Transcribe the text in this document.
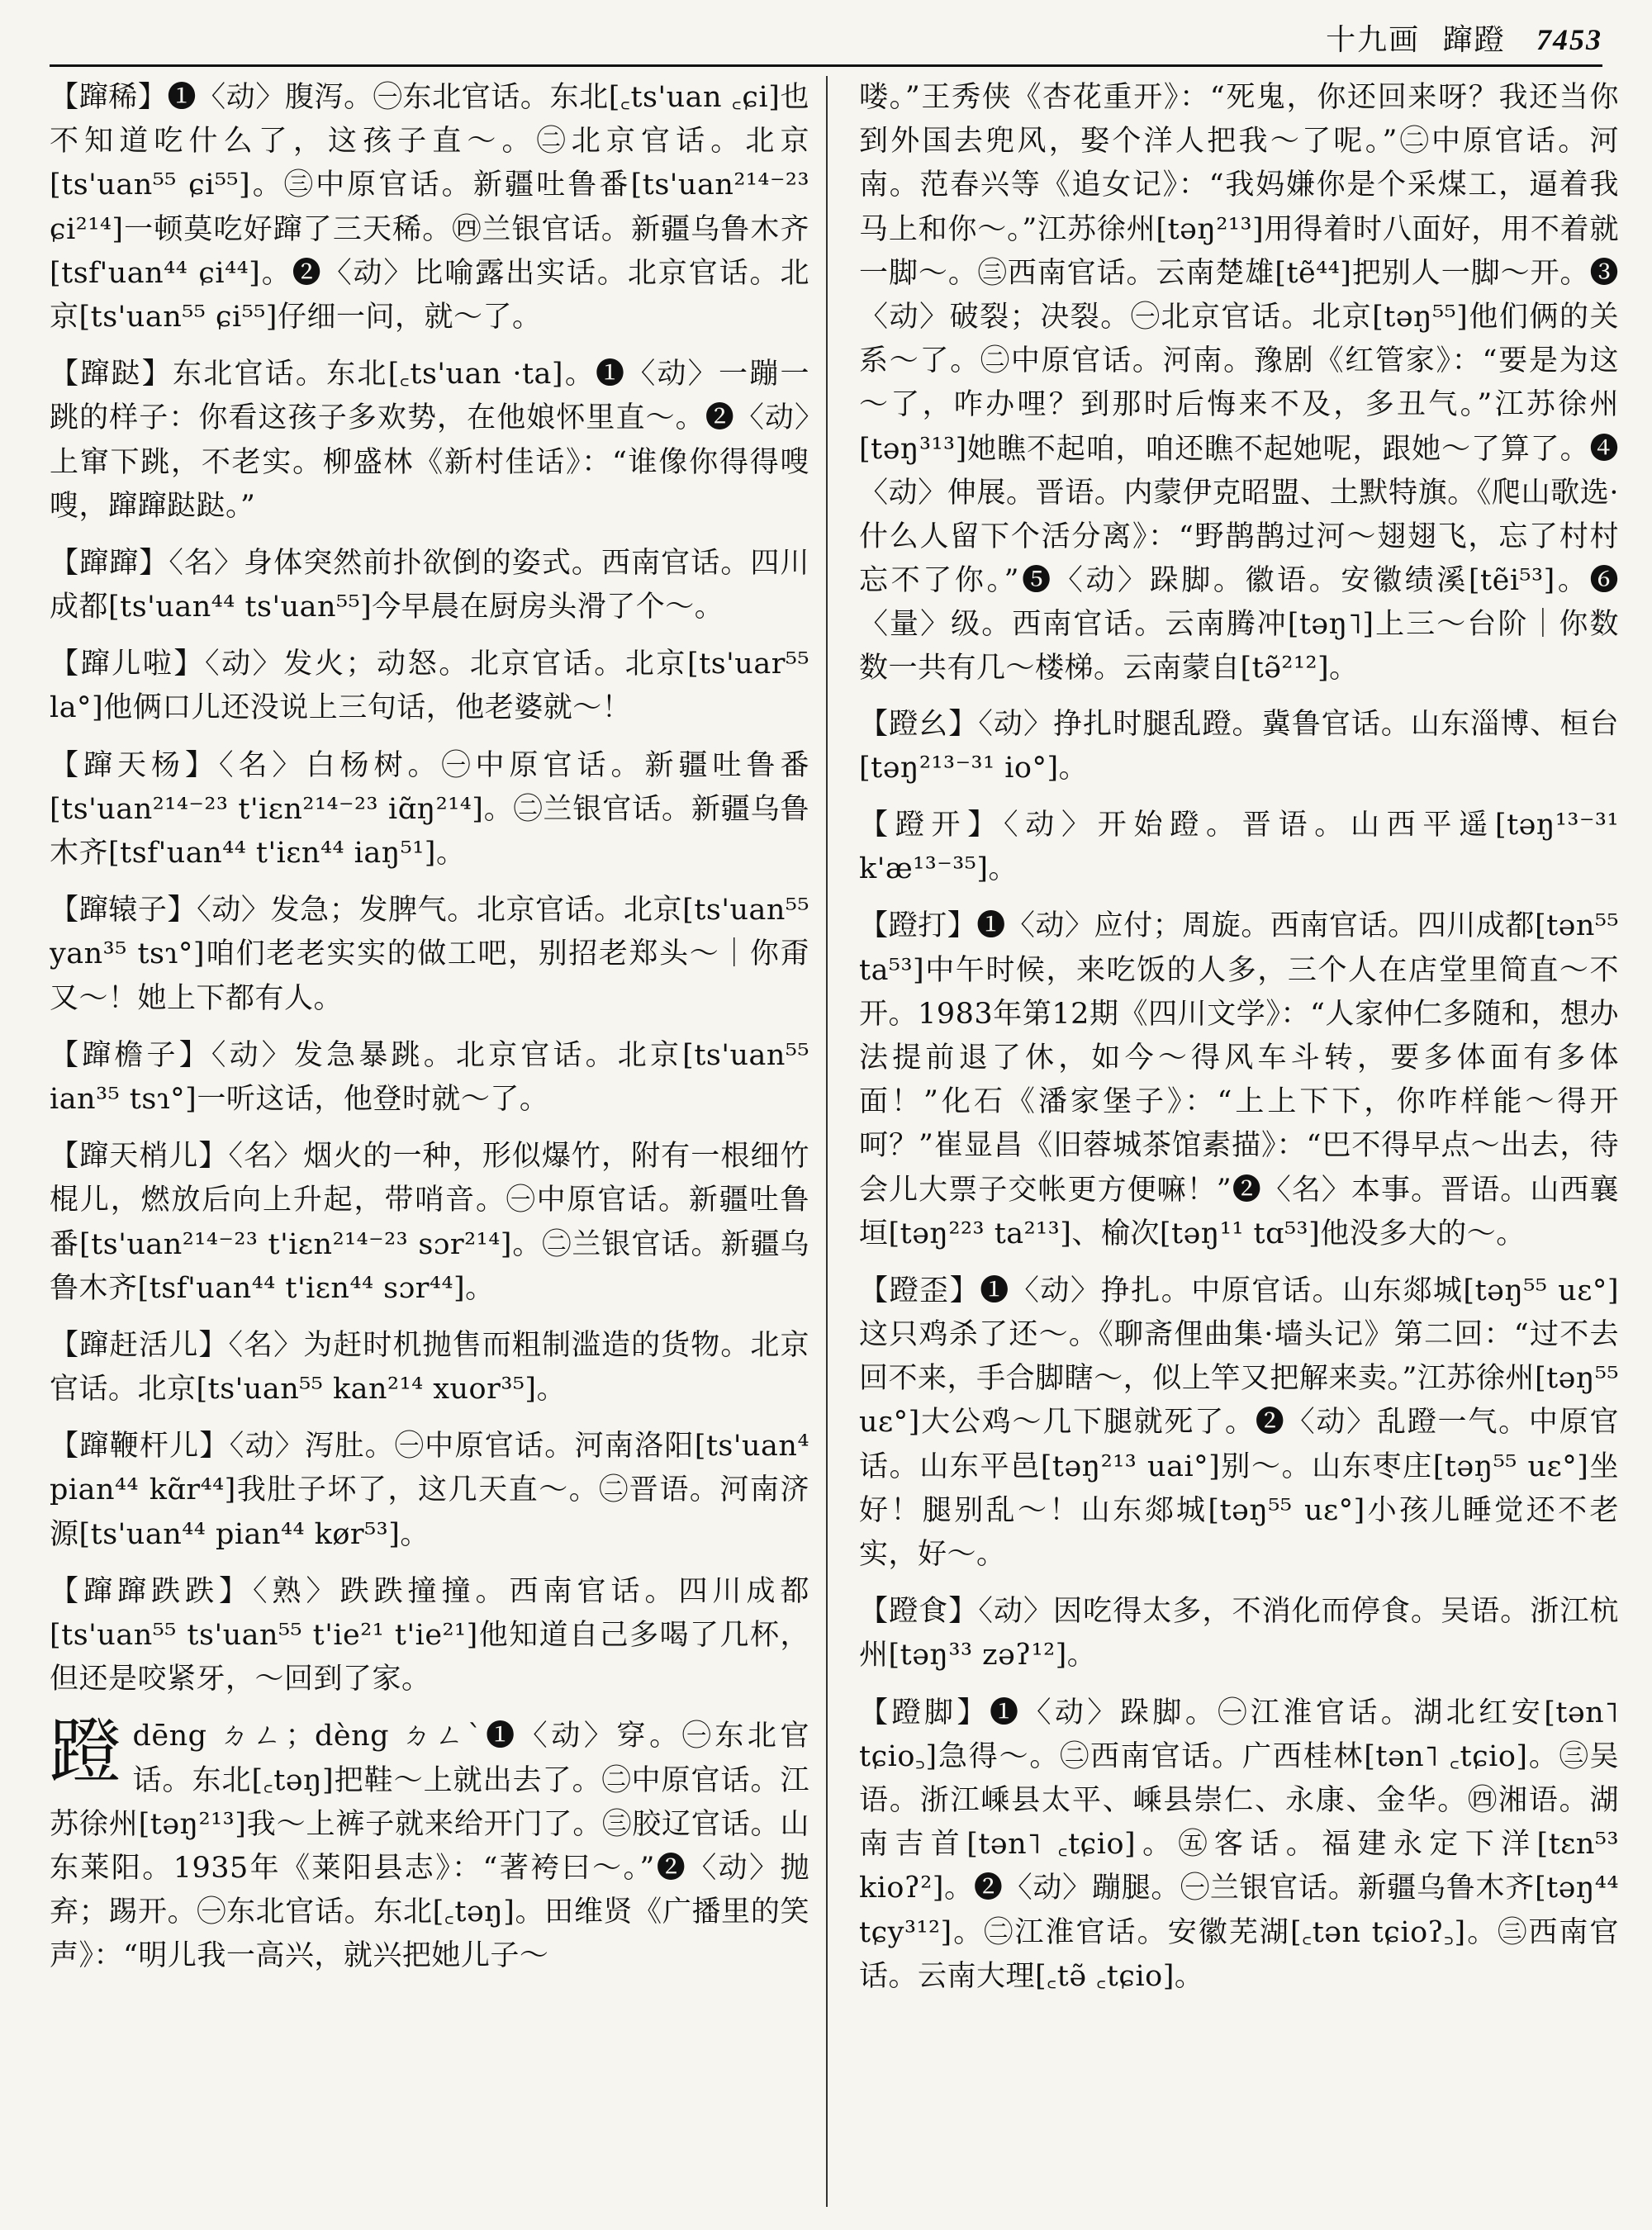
十九画 蹿蹬 7453
【蹿稀】❶〈动〉腹泻。㊀东北官话。东北[꜀ts'uan ꜀ɕi]也不知道吃什么了，这孩子直～。㊁北京官话。北京[ts'uan⁵⁵ ɕi⁵⁵]。㊂中原官话。新疆吐鲁番[ts'uan²¹⁴⁻²³ ɕi²¹⁴]一顿莫吃好蹿了三天稀。㊃兰银官话。新疆乌鲁木齐[tsf'uan⁴⁴ ɕi⁴⁴]。❷〈动〉比喻露出实话。北京官话。北京[ts'uan⁵⁵ ɕi⁵⁵]仔细一问，就～了。
【蹿跶】东北官话。东北[꜀ts'uan ·ta]。❶〈动〉一蹦一跳的样子：你看这孩子多欢势，在他娘怀里直～。❷〈动〉上窜下跳，不老实。柳盛林《新村佳话》：“谁像你得得嗖嗖，蹿蹿跶跶。”
【蹿蹿】〈名〉身体突然前扑欲倒的姿式。西南官话。四川成都[ts'uan⁴⁴ ts'uan⁵⁵]今早晨在厨房头滑了个～。
【蹿儿啦】〈动〉发火；动怒。北京官话。北京[ts'uar⁵⁵ la°]他俩口儿还没说上三句话，他老婆就～！
【蹿天杨】〈名〉白杨树。㊀中原官话。新疆吐鲁番[ts'uan²¹⁴⁻²³ t'iɛn²¹⁴⁻²³ iɑ̃ŋ²¹⁴]。㊁兰银官话。新疆乌鲁木齐[tsf'uan⁴⁴ t'iɛn⁴⁴ iaŋ⁵¹]。
【蹿辕子】〈动〉发急；发脾气。北京官话。北京[ts'uan⁵⁵ yan³⁵ tsɿ°]咱们老老实实的做工吧，别招老郑头～｜你甭又～！她上下都有人。
【蹿檐子】〈动〉发急暴跳。北京官话。北京[ts'uan⁵⁵ ian³⁵ tsɿ°]一听这话，他登时就～了。
【蹿天梢儿】〈名〉烟火的一种，形似爆竹，附有一根细竹棍儿，燃放后向上升起，带哨音。㊀中原官话。新疆吐鲁番[ts'uan²¹⁴⁻²³ t'iɛn²¹⁴⁻²³ sɔr²¹⁴]。㊁兰银官话。新疆乌鲁木齐[tsf'uan⁴⁴ t'iɛn⁴⁴ sɔr⁴⁴]。
【蹿赶活儿】〈名〉为赶时机抛售而粗制滥造的货物。北京官话。北京[ts'uan⁵⁵ kan²¹⁴ xuor³⁵]。
【蹿鞭杆儿】〈动〉泻肚。㊀中原官话。河南洛阳[ts'uan⁴ pian⁴⁴ kɑ̃r⁴⁴]我肚子坏了，这几天直～。㊁晋语。河南济源[ts'uan⁴⁴ pian⁴⁴ kør⁵³]。
【蹿蹿跌跌】〈熟〉跌跌撞撞。西南官话。四川成都[ts'uan⁵⁵ ts'uan⁵⁵ t'ie²¹ t'ie²¹]他知道自己多喝了几杯，但还是咬紧牙，～回到了家。
蹬 dēng ㄉㄥ；dèng ㄉㄥˋ❶〈动〉穿。㊀东北官话。东北[꜀təŋ]把鞋～上就出去了。㊁中原官话。江苏徐州[təŋ²¹³]我～上裤子就来给开门了。㊂胶辽官话。山东莱阳。1935年《莱阳县志》：“著袴曰～。”❷〈动〉抛弃；踢开。㊀东北官话。东北[꜀təŋ]。田维贤《广播里的笑声》：“明儿我一高兴，就兴把她儿子～
喽。”王秀侠《杏花重开》：“死鬼，你还回来呀？我还当你到外国去兜风，娶个洋人把我～了呢。”㊁中原官话。河南。范春兴等《追女记》：“我妈嫌你是个采煤工，逼着我马上和你～。”江苏徐州[təŋ²¹³]用得着时八面好，用不着就一脚～。㊂西南官话。云南楚雄[tẽ⁴⁴]把别人一脚～开。❸〈动〉破裂；决裂。㊀北京官话。北京[təŋ⁵⁵]他们俩的关系～了。㊁中原官话。河南。豫剧《红管家》：“要是为这～了，咋办哩？到那时后悔来不及，多丑气。”江苏徐州[təŋ³¹³]她瞧不起咱，咱还瞧不起她呢，跟她～了算了。❹〈动〉伸展。晋语。内蒙伊克昭盟、土默特旗。《爬山歌选·什么人留下个活分离》：“野鹊鹊过河～翅翅飞，忘了村村忘不了你。”❺〈动〉跺脚。徽语。安徽绩溪[tẽi⁵³]。❻〈量〉级。西南官话。云南腾冲[təŋ˥]上三～台阶｜你数数一共有几～楼梯。云南蒙自[tə̃²¹²]。
【蹬幺】〈动〉挣扎时腿乱蹬。冀鲁官话。山东淄博、桓台[təŋ²¹³⁻³¹ io°]。
【蹬开】〈动〉开始蹬。晋语。山西平遥[təŋ¹³⁻³¹ k'æ¹³⁻³⁵]。
【蹬打】❶〈动〉应付；周旋。西南官话。四川成都[tən⁵⁵ ta⁵³]中午时候，来吃饭的人多，三个人在店堂里简直～不开。1983年第12期《四川文学》：“人家仲仁多随和，想办法提前退了休，如今～得风车斗转，要多体面有多体面！”化石《潘家堡子》：“上上下下，你咋样能～得开呵？”崔显昌《旧蓉城茶馆素描》：“巴不得早点～出去，待会儿大票子交帐更方便嘛！”❷〈名〉本事。晋语。山西襄垣[təŋ²²³ ta²¹³]、榆次[təŋ¹¹ tɑ⁵³]他没多大的～。
【蹬歪】❶〈动〉挣扎。中原官话。山东郯城[təŋ⁵⁵ uɛ°]这只鸡杀了还～。《聊斋俚曲集·墙头记》第二回：“过不去回不来，手合脚瞎～，似上竿又把解来卖。”江苏徐州[təŋ⁵⁵ uɛ°]大公鸡～几下腿就死了。❷〈动〉乱蹬一气。中原官话。山东平邑[təŋ²¹³ uai°]别～。山东枣庄[təŋ⁵⁵ uɛ°]坐好！腿别乱～！山东郯城[təŋ⁵⁵ uɛ°]小孩儿睡觉还不老实，好～。
【蹬食】〈动〉因吃得太多，不消化而停食。吴语。浙江杭州[təŋ³³ zəʔ¹²]。
【蹬脚】❶〈动〉跺脚。㊀江淮官话。湖北红安[tən˥ tɕio꜆]急得～。㊁西南官话。广西桂林[tən˥ ꜀tɕio]。㊂吴语。浙江嵊县太平、嵊县崇仁、永康、金华。㊃湘语。湖南吉首[tən˥ ꜀tɕio]。㊄客话。福建永定下洋[tɛn⁵³ kioʔ²]。❷〈动〉蹦腿。㊀兰银官话。新疆乌鲁木齐[təŋ⁴⁴ tɕy³¹²]。㊁江淮官话。安徽芜湖[꜀tən tɕioʔ꜆]。㊂西南官话。云南大理[꜀tə̃ ꜀tɕio]。
